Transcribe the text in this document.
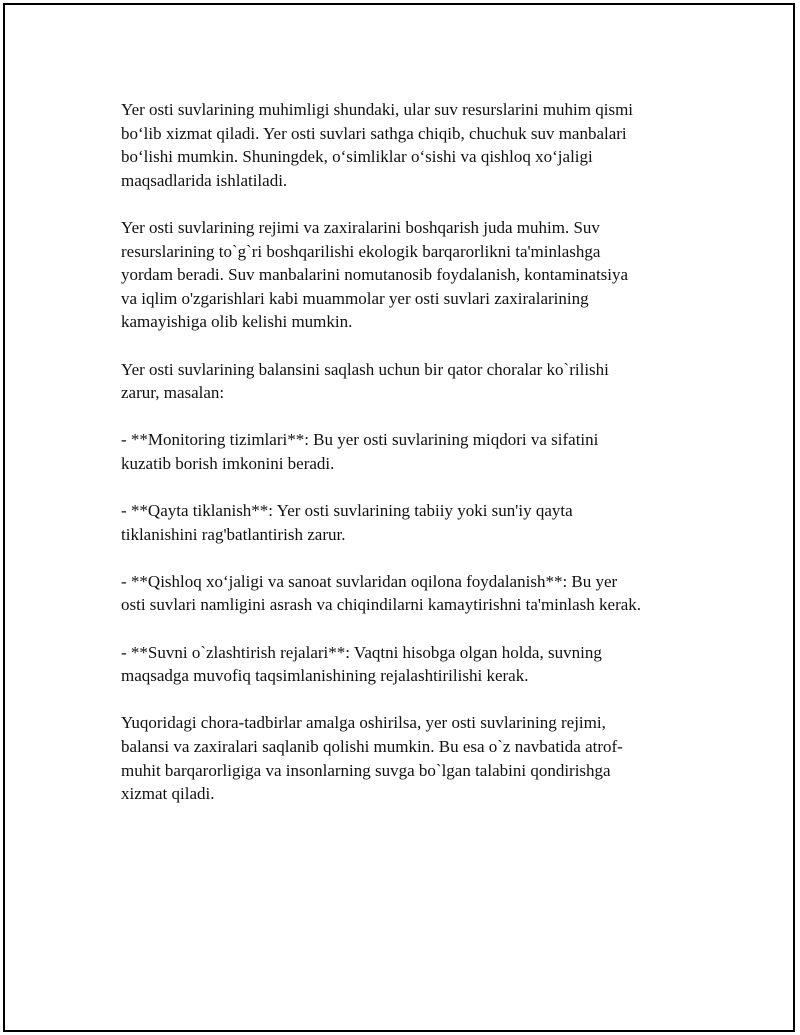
Yer osti suvlarining muhimligi shundaki, ular suv resurslarini muhim qismi
bo‘lib xizmat qiladi. Yer osti suvlari sathga chiqib, chuchuk suv manbalari
bo‘lishi mumkin. Shuningdek, o‘simliklar o‘sishi va qishloq xo‘jaligi
maqsadlarida ishlatiladi.

Yer osti suvlarining rejimi va zaxiralarini boshqarish juda muhim. Suv
resurslarining to`g`ri boshqarilishi ekologik barqarorlikni ta'minlashga
yordam beradi. Suv manbalarini nomutanosib foydalanish, kontaminatsiya
va iqlim o'zgarishlari kabi muammolar yer osti suvlari zaxiralarining
kamayishiga olib kelishi mumkin.

Yer osti suvlarining balansini saqlash uchun bir qator choralar ko`rilishi
zarur, masalan:

- **Monitoring tizimlari**: Bu yer osti suvlarining miqdori va sifatini
kuzatib borish imkonini beradi.

- **Qayta tiklanish**: Yer osti suvlarining tabiiy yoki sun'iy qayta
tiklanishini rag'batlantirish zarur.

- **Qishloq xo‘jaligi va sanoat suvlaridan oqilona foydalanish**: Bu yer
osti suvlari namligini asrash va chiqindilarni kamaytirishni ta'minlash kerak.

- **Suvni o`zlashtirish rejalari**: Vaqtni hisobga olgan holda, suvning
maqsadga muvofiq taqsimlanishining rejalashtirilishi kerak.

Yuqoridagi chora-tadbirlar amalga oshirilsa, yer osti suvlarining rejimi,
balansi va zaxiralari saqlanib qolishi mumkin. Bu esa o`z navbatida atrof-
muhit barqarorligiga va insonlarning suvga bo`lgan talabini qondirishga
xizmat qiladi.
